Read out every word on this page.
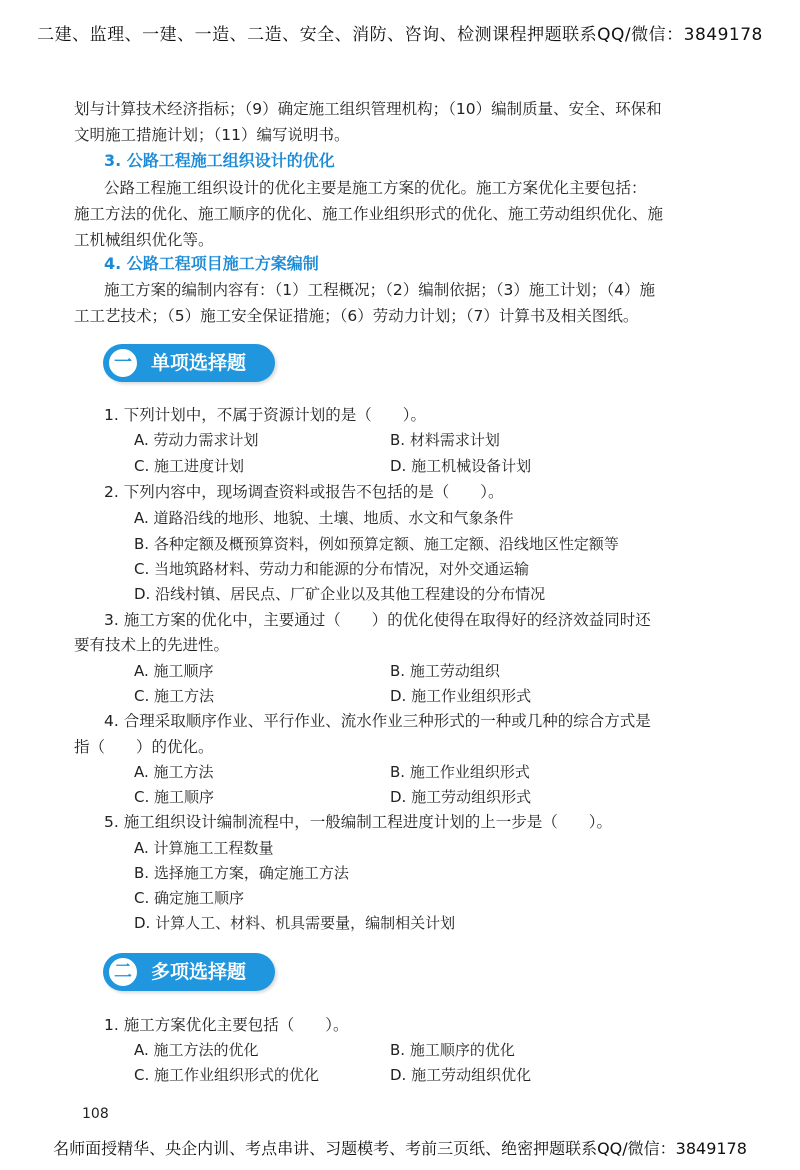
二建、监理、一建、一造、二造、安全、消防、咨询、检测课程押题联系QQ/微信：3849178
划与计算技术经济指标；（9）确定施工组织管理机构；（10）编制质量、安全、环保和
文明施工措施计划；（11）编写说明书。
3. 公路工程施工组织设计的优化
公路工程施工组织设计的优化主要是施工方案的优化。施工方案优化主要包括：
施工方法的优化、施工顺序的优化、施工作业组织形式的优化、施工劳动组织优化、施
工机械组织优化等。
4. 公路工程项目施工方案编制
施工方案的编制内容有：（1）工程概况；（2）编制依据；（3）施工计划；（4）施
工工艺技术；（5）施工安全保证措施；（6）劳动力计划；（7）计算书及相关图纸。
一	单项选择题
1. 下列计划中，不属于资源计划的是（　　）。
A. 劳动力需求计划	B. 材料需求计划
C. 施工进度计划	D. 施工机械设备计划
2. 下列内容中，现场调查资料或报告不包括的是（　　）。
A. 道路沿线的地形、地貌、土壤、地质、水文和气象条件
B. 各种定额及概预算资料，例如预算定额、施工定额、沿线地区性定额等
C. 当地筑路材料、劳动力和能源的分布情况，对外交通运输
D. 沿线村镇、居民点、厂矿企业以及其他工程建设的分布情况
3. 施工方案的优化中，主要通过（　　）的优化使得在取得好的经济效益同时还
要有技术上的先进性。
A. 施工顺序	B. 施工劳动组织
C. 施工方法	D. 施工作业组织形式
4. 合理采取顺序作业、平行作业、流水作业三种形式的一种或几种的综合方式是
指（　　）的优化。
A. 施工方法	B. 施工作业组织形式
C. 施工顺序	D. 施工劳动组织形式
5. 施工组织设计编制流程中，一般编制工程进度计划的上一步是（　　）。
A. 计算施工工程数量
B. 选择施工方案，确定施工方法
C. 确定施工顺序
D. 计算人工、材料、机具需要量，编制相关计划
二	多项选择题
1. 施工方案优化主要包括（　　）。
A. 施工方法的优化	B. 施工顺序的优化
C. 施工作业组织形式的优化	D. 施工劳动组织优化
108
名师面授精华、央企内训、考点串讲、习题模考、考前三页纸、绝密押题联系QQ/微信：3849178
